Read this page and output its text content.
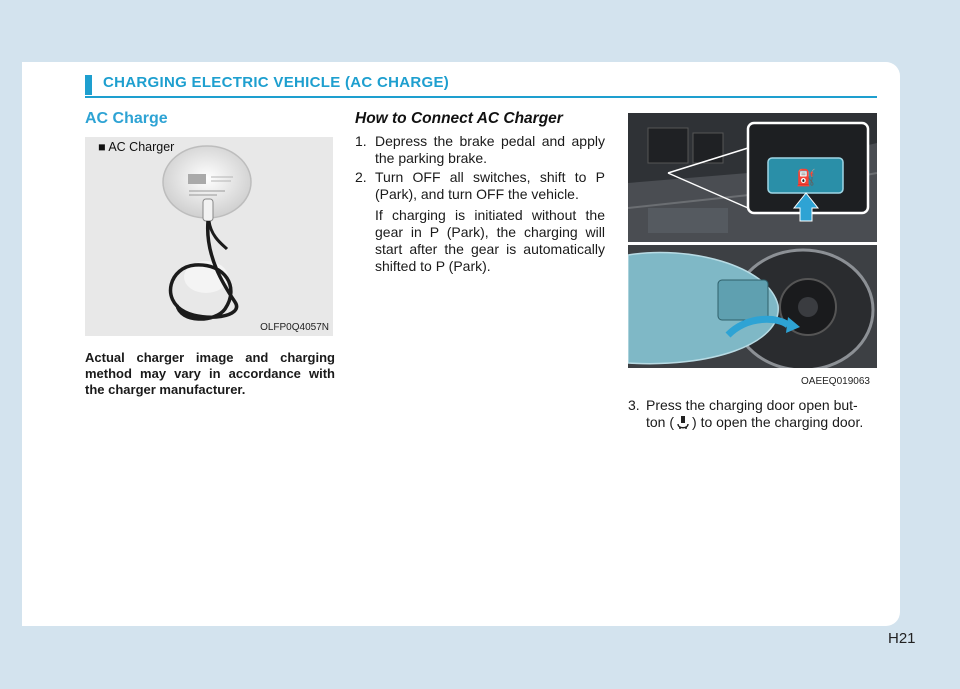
CHARGING ELECTRIC VEHICLE (AC CHARGE)
AC Charge
■ AC Charger
OLFP0Q4057N
Actual charger image and charging method may vary in accordance with the charger manufacturer.
How to Connect AC Charger
1. Depress the brake pedal and apply the parking brake.
2. Turn OFF all switches, shift to P (Park), and turn OFF the vehicle.
If charging is initiated without the gear in P (Park), the charging will start after the gear is automatically shifted to P (Park).
⛽
OAEEQ019063
3. Press the charging door open but-
ton ( ) to open the charging door.
H21
